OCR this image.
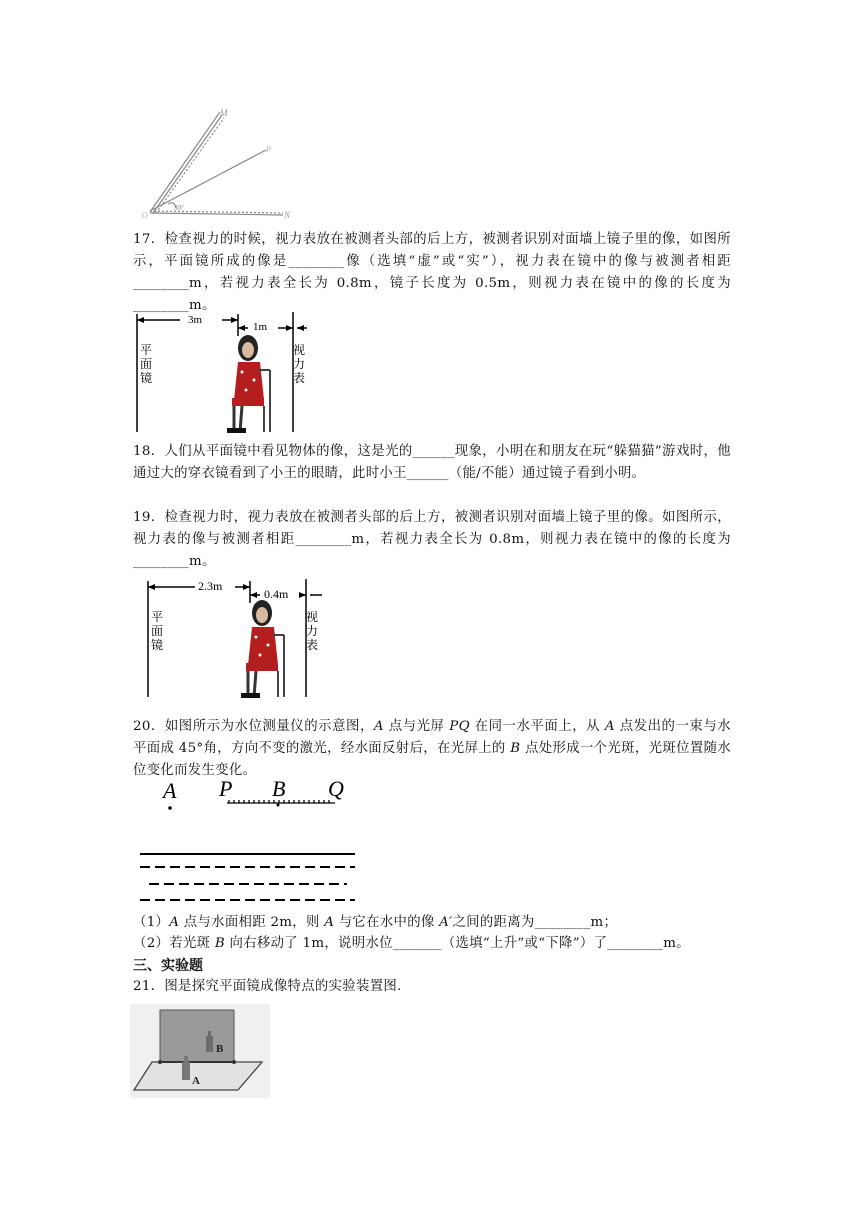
M
P
N
O
30°
17．检查视力的时候，视力表放在被测者头部的后上方，被测者识别对面墙上镜子里的像，如图所示，平面镜所成的像是________像（选填“虚”或“实”），视力表在镜中的像与被测者相距________m，若视力表全长为 0.8m，镜子长度为 0.5m，则视力表在镜中的像的长度为________m。
3m
1m
平
面
镜
视
力
表
18．人们从平面镜中看见物体的像，这是光的______现象，小明在和朋友在玩“躲猫猫”游戏时，他通过大的穿衣镜看到了小王的眼睛，此时小王______（能/不能）通过镜子看到小明。
19．检查视力时，视力表放在被测者头部的后上方，被测者识别对面墙上镜子里的像。如图所示，视力表的像与被测者相距________m，若视力表全长为 0.8m，则视力表在镜中的像的长度为________m。
2.3m
0.4m
平
面
镜
视
力
表
20．如图所示为水位测量仪的示意图，A 点与光屏 PQ 在同一水平面上，从 A 点发出的一束与水平面成 45°角，方向不变的激光，经水面反射后，在光屏上的 B 点处形成一个光斑，光斑位置随水位变化而发生变化。
A P B Q
（1）A 点与水面相距 2m，则 A 与它在水中的像 A′之间的距离为________m；
（2）若光斑 B 向右移动了 1m，说明水位_______（选填“上升”或“下降”）了________m。
三、实验题
21．图是探究平面镜成像特点的实验装置图.
B
A
